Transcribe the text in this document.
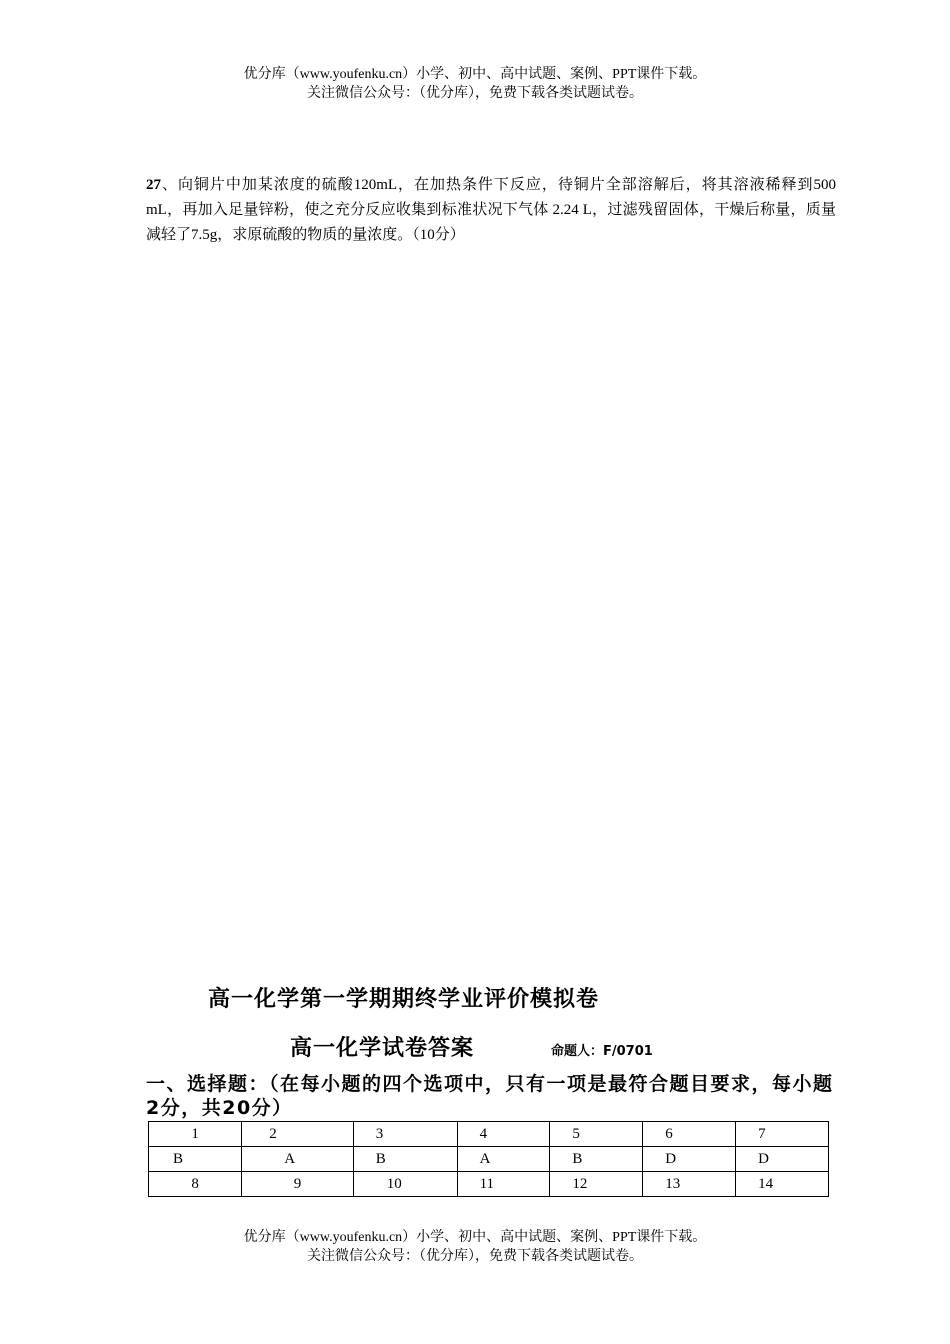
优分库（www.youfenku.cn）小学、初中、高中试题、案例、PPT课件下载。
关注微信公众号：（优分库），免费下载各类试题试卷。
27、向铜片中加某浓度的硫酸120mL，在加热条件下反应，待铜片全部溶解后，将其溶液稀释到500 mL，再加入足量锌粉，使之充分反应收集到标准状况下气体 2.24 L，过滤残留固体，干燥后称量，质量减轻了7.5g，求原硫酸的物质的量浓度。（10分）
高一化学第一学期期终学业评价模拟卷
高一化学试卷答案	命题人：F/0701
一、选择题：（在每小题的四个选项中，只有一项是最符合题目要求，每小题2分，共20分）
1	2	3	4	5	6	7
B	A	B	A	B	D	D
8	9	10	11	12	13	14
优分库（www.youfenku.cn）小学、初中、高中试题、案例、PPT课件下载。
关注微信公众号：（优分库），免费下载各类试题试卷。
